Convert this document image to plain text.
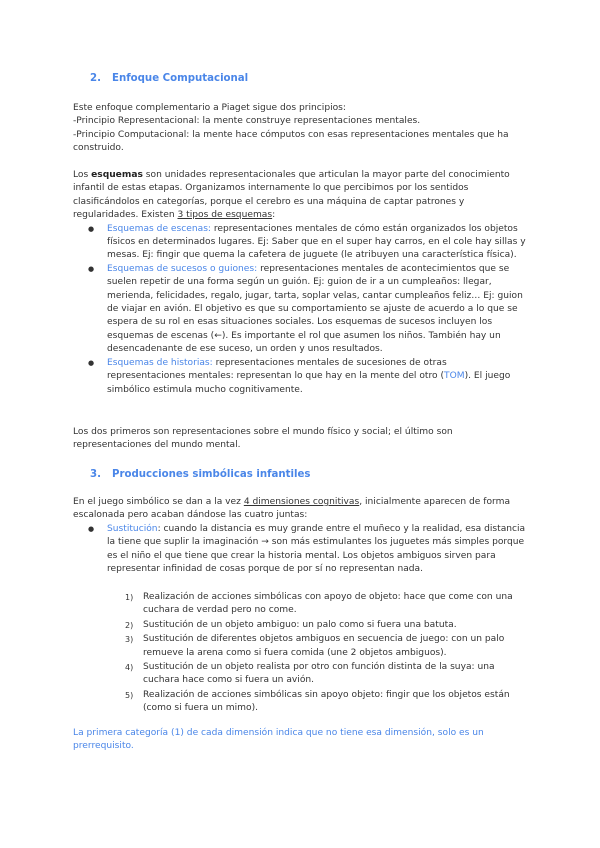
2. Enfoque Computacional

Este enfoque complementario a Piaget sigue dos principios:

-Principio Representacional: la mente construye representaciones mentales.

-Principio Computacional: la mente hace cómputos con esas representaciones mentales que ha construido.

Los esquemas son unidades representacionales que articulan la mayor parte del conocimiento infantil de estas etapas. Organizamos internamente lo que percibimos por los sentidos clasificándolos en categorías, porque el cerebro es una máquina de captar patrones y regularidades. Existen 3 tipos de esquemas:

● Esquemas de escenas: representaciones mentales de cómo están organizados los objetos físicos en determinados lugares. Ej: Saber que en el super hay carros, en el cole hay sillas y mesas. Ej: fingir que quema la cafetera de juguete (le atribuyen una característica física).
● Esquemas de sucesos o guiones: representaciones mentales de acontecimientos que se suelen repetir de una forma según un guión. Ej: guion de ir a un cumpleaños: llegar, merienda, felicidades, regalo, jugar, tarta, soplar velas, cantar cumpleaños feliz… Ej: guion de viajar en avión. El objetivo es que su comportamiento se ajuste de acuerdo a lo que se espera de su rol en esas situaciones sociales. Los esquemas de sucesos incluyen los esquemas de escenas (←). Es importante el rol que asumen los niños. También hay un desencadenante de ese suceso, un orden y unos resultados.
● Esquemas de historias: representaciones mentales de sucesiones de otras representaciones mentales: representan lo que hay en la mente del otro (TOM). El juego simbólico estimula mucho cognitivamente.

Los dos primeros son representaciones sobre el mundo físico y social; el último son representaciones del mundo mental.

3. Producciones simbólicas infantiles

En el juego simbólico se dan a la vez 4 dimensiones cognitivas, inicialmente aparecen de forma escalonada pero acaban dándose las cuatro juntas:

● Sustitución: cuando la distancia es muy grande entre el muñeco y la realidad, esa distancia la tiene que suplir la imaginación → son más estimulantes los juguetes más simples porque es el niño el que tiene que crear la historia mental. Los objetos ambiguos sirven para representar infinidad de cosas porque de por sí no representan nada.
1) Realización de acciones simbólicas con apoyo de objeto: hace que come con una cuchara de verdad pero no come.
2) Sustitución de un objeto ambiguo: un palo como si fuera una batuta.
3) Sustitución de diferentes objetos ambiguos en secuencia de juego: con un palo remueve la arena como si fuera comida (une 2 objetos ambiguos).
4) Sustitución de un objeto realista por otro con función distinta de la suya: una cuchara hace como si fuera un avión.
5) Realización de acciones simbólicas sin apoyo objeto: fingir que los objetos están (como si fuera un mimo).

La primera categoría (1) de cada dimensión indica que no tiene esa dimensión, solo es un prerrequisito.
